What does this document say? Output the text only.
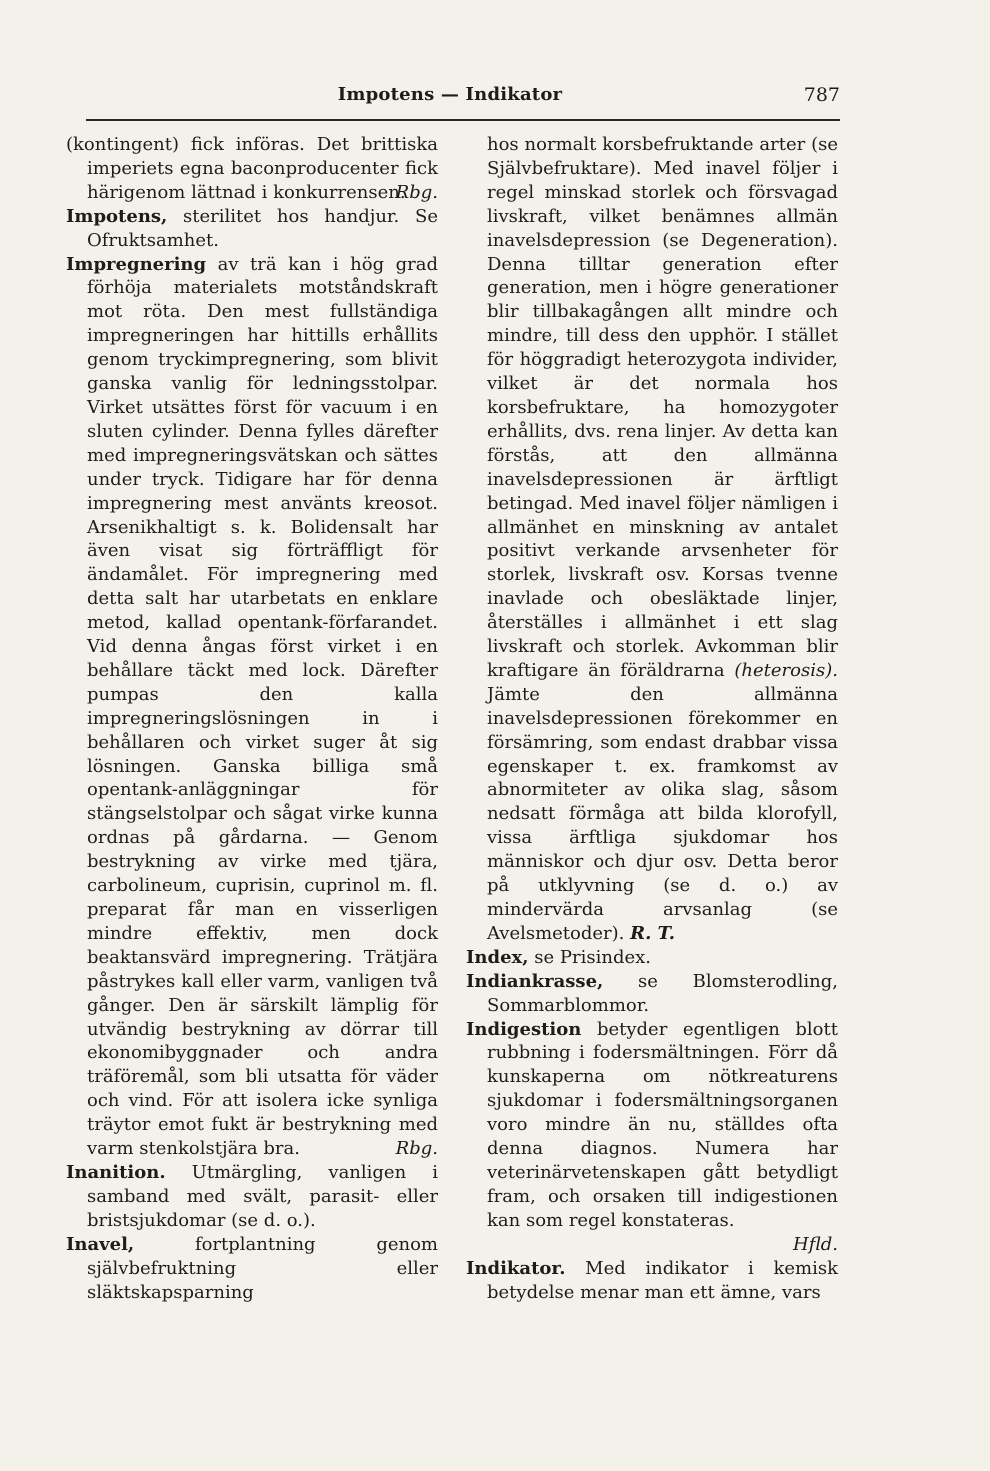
Impotens — Indikator	787

(kontingent) fick införas. Det brittiska imperiets egna baconproducenter fick härigenom lättnad i konkurrensen.
Rbg.

Impotens, sterilitet hos handjur. Se Ofruktsamhet.

Impregnering av trä kan i hög grad förhöja materialets motståndskraft mot röta. Den mest fullständiga impregneringen har hittills erhållits genom tryckimpregnering, som blivit ganska vanlig för ledningsstolpar. Virket utsättes först för vacuum i en sluten cylinder. Denna fylles därefter med impregneringsvätskan och sättes under tryck. Tidigare har för denna impregnering mest använts kreosot. Arsenikhaltigt s. k. Bolidensalt har även visat sig förträffligt för ändamålet. För impregnering med detta salt har utarbetats en enklare metod, kallad opentank-förfarandet. Vid denna ångas först virket i en behållare täckt med lock. Därefter pumpas den kalla impregneringslösningen in i behållaren och virket suger åt sig lösningen. Ganska billiga små opentank-anläggningar för stängselstolpar och sågat virke kunna ordnas på gårdarna. — Genom bestrykning av virke med tjära, carbolineum, cuprisin, cuprinol m. fl. preparat får man en visserligen mindre effektiv, men dock beaktansvärd impregnering. Trätjära påstrykes kall eller varm, vanligen två gånger. Den är särskilt lämplig för utvändig bestrykning av dörrar till ekonomibyggnader och andra träföremål, som bli utsatta för väder och vind. För att isolera icke synliga träytor emot fukt är bestrykning med varm stenkolstjära bra.	Rbg.

Inanition. Utmärgling, vanligen i samband med svält, parasit- eller bristsjukdomar (se d. o.).

Inavel,	fortplantning genom självbefruktning eller släktskapsparning

hos normalt korsbefruktande arter (se Självbefruktare). Med inavel följer i regel minskad storlek och försvagad livskraft, vilket benämnes allmän inavelsdepression (se Degeneration). Denna tilltar generation efter generation, men i högre generationer blir tillbakagången allt mindre och mindre, till dess den upphör. I stället för höggradigt heterozygota individer, vilket är det normala hos korsbefruktare, ha homozygoter erhållits, dvs. rena linjer. Av detta kan förstås, att den allmänna inavelsdepressionen är ärftligt betingad. Med inavel följer nämligen i allmänhet en minskning av antalet positivt verkande arvsenheter för storlek, livskraft osv. Korsas tvenne inavlade och obesläktade linjer, återställes i allmänhet i ett slag livskraft och storlek. Avkomman blir kraftigare än föräldrarna (heterosis). Jämte den allmänna inavelsdepressionen förekommer en försämring, som endast drabbar vissa egenskaper t. ex. framkomst av abnormiteter av olika slag, såsom nedsatt förmåga att bilda klorofyll, vissa ärftliga sjukdomar hos människor och djur osv. Detta beror på utklyvning (se d. o.) av mindervärda arvsanlag (se Avelsmetoder). R. T.

Index, se Prisindex.

Indiankrasse, se Blomsterodling, Sommarblommor.

Indigestion betyder egentligen blott rubbning i fodersmältningen. Förr då kunskaperna om nötkreaturens sjukdomar i fodersmältningsorganen voro mindre än nu, ställdes ofta denna diagnos. Numera har veterinärvetenskapen gått betydligt fram, och orsaken till indigestionen kan som regel konstateras.
Hfld.

Indikator. Med indikator i kemisk betydelse menar man ett ämne, vars
